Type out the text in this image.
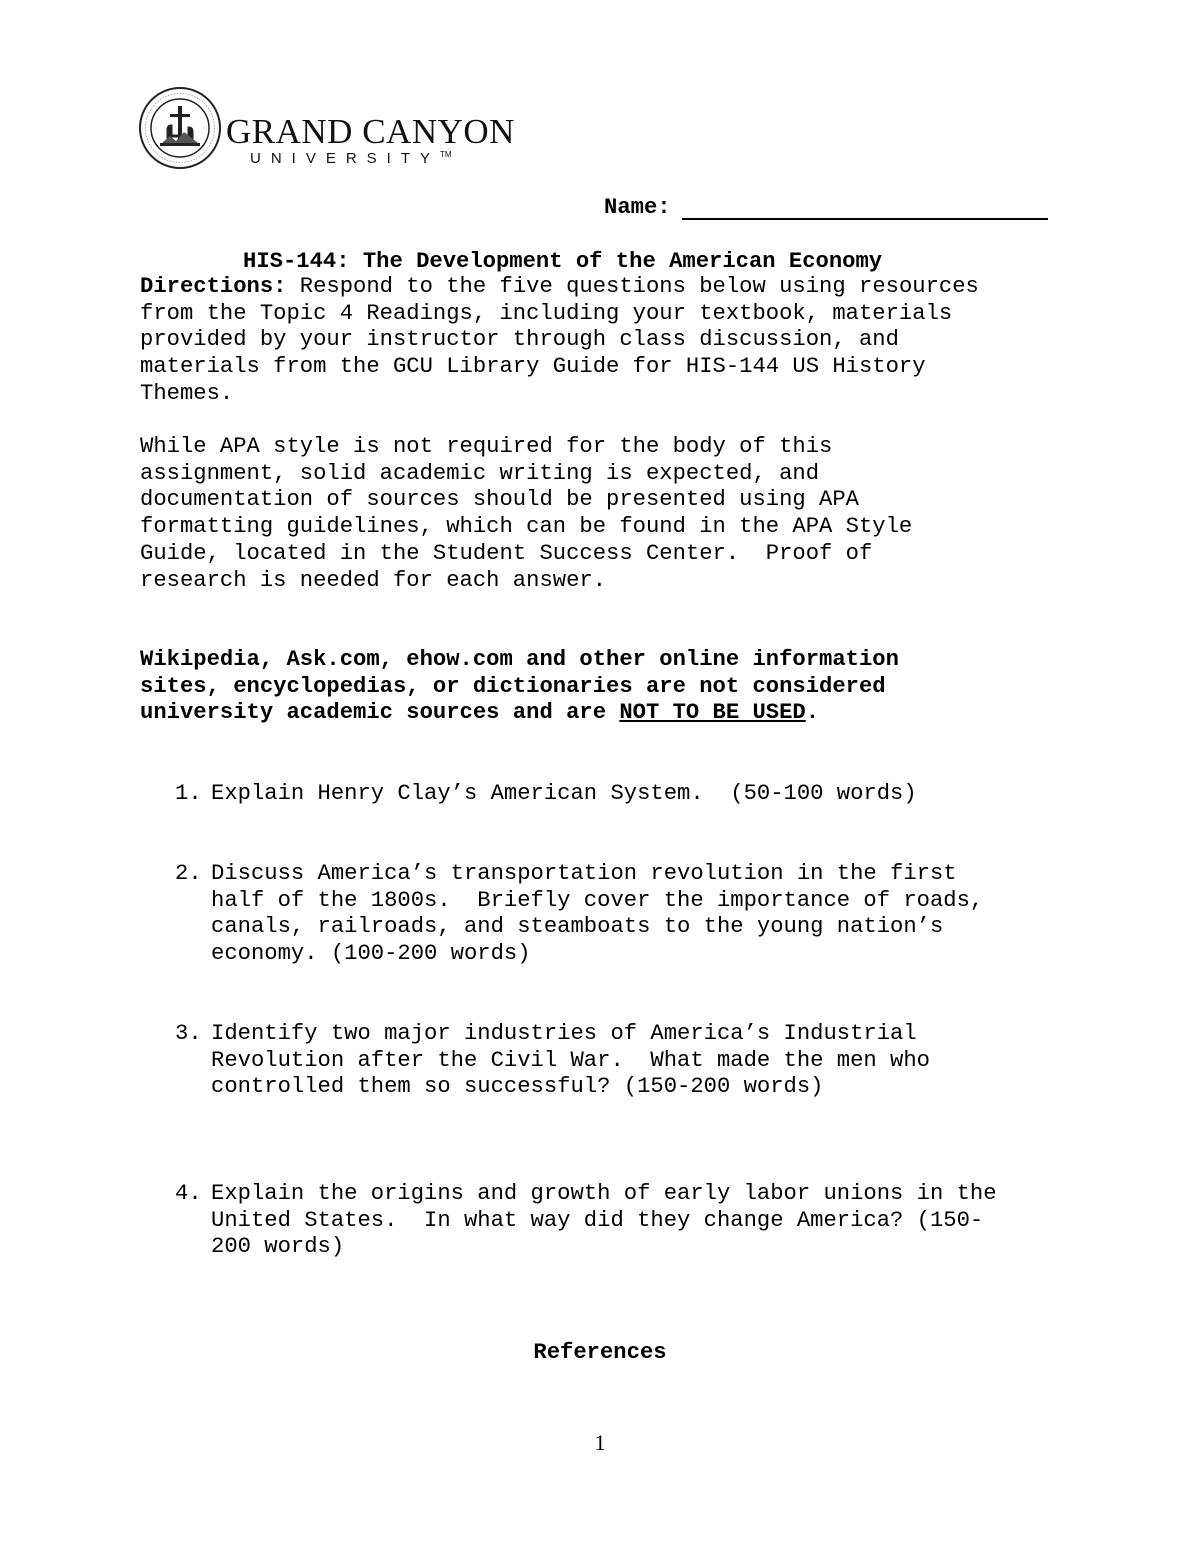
GRAND CANYON
UNIVERSITY™
Name:
HIS-144: The Development of the American Economy
Directions: Respond to the five questions below using resources
from the Topic 4 Readings, including your textbook, materials
provided by your instructor through class discussion, and
materials from the GCU Library Guide for HIS-144 US History
Themes.
While APA style is not required for the body of this
assignment, solid academic writing is expected, and
documentation of sources should be presented using APA
formatting guidelines, which can be found in the APA Style
Guide, located in the Student Success Center.  Proof of
research is needed for each answer.
Wikipedia, Ask.com, ehow.com and other online information
sites, encyclopedias, or dictionaries are not considered
university academic sources and are NOT TO BE USED.
1. Explain Henry Clay’s American System.  (50-100 words)
2. Discuss America’s transportation revolution in the first
half of the 1800s.  Briefly cover the importance of roads,
canals, railroads, and steamboats to the young nation’s
economy. (100-200 words)
3. Identify two major industries of America’s Industrial
Revolution after the Civil War.  What made the men who
controlled them so successful? (150-200 words)
4. Explain the origins and growth of early labor unions in the
United States.  In what way did they change America? (150-
200 words)
References
1
